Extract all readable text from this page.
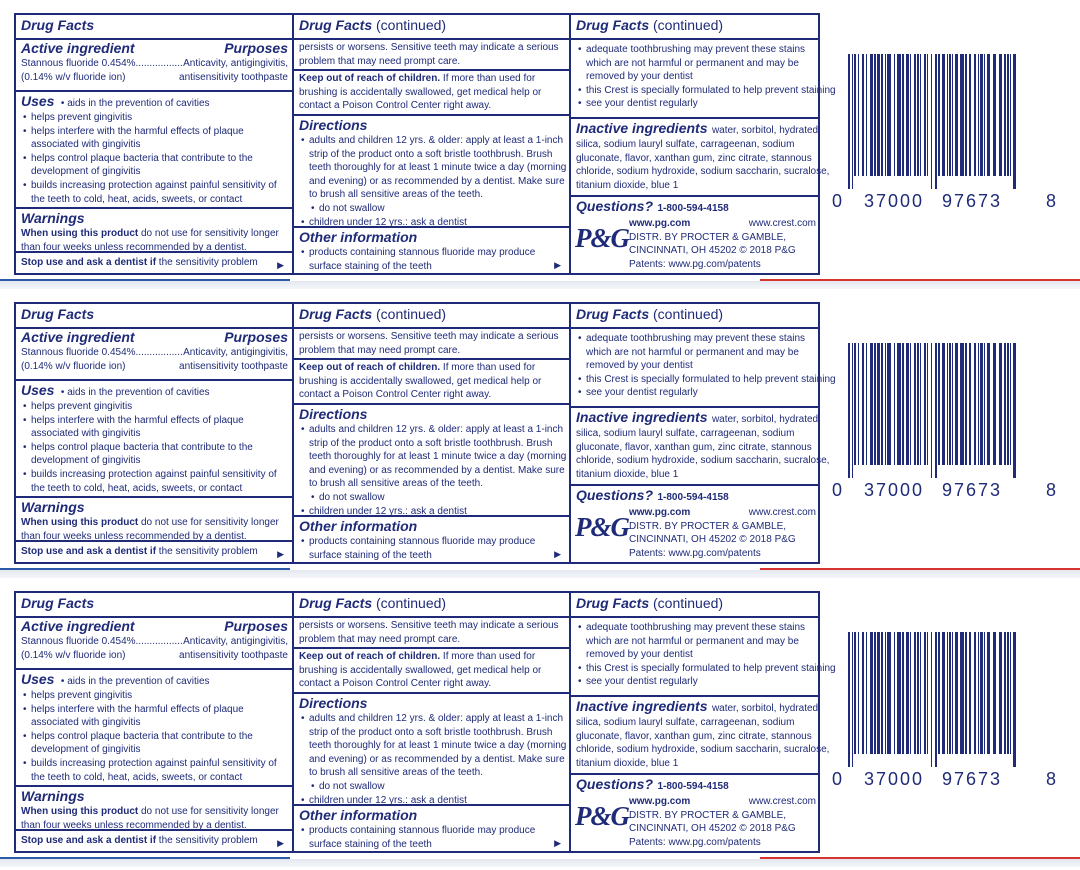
Drug Facts
Active ingredient	Purposes
Stannous fluoride 0.454%................. Anticavity, antigingivitis,
(0.14% w/v fluoride ion)	antisensitivity toothpaste
Uses • aids in the prevention of cavities
• helps prevent gingivitis
• helps interfere with the harmful effects of plaque
associated with gingivitis
• helps control plaque bacteria that contribute to the
development of gingivitis
• builds increasing protection against painful sensitivity of
the teeth to cold, heat, acids, sweets, or contact
Warnings
When using this product do not use for sensitivity longer
than four weeks unless recommended by a dentist.
Stop use and ask a dentist if the sensitivity problem	▶
Drug Facts (continued)
persists or worsens. Sensitive teeth may indicate a serious
problem that may need prompt care.
Keep out of reach of children. If more than used for
brushing is accidentally swallowed, get medical help or
contact a Poison Control Center right away.
Directions
• adults and children 12 yrs. & older: apply at least a 1-inch
strip of the product onto a soft bristle toothbrush. Brush
teeth thoroughly for at least 1 minute twice a day (morning
and evening) or as recommended by a dentist. Make sure
to brush all sensitive areas of the teeth.
• do not swallow
• children under 12 yrs.: ask a dentist
Other information
• products containing stannous fluoride may produce
surface staining of the teeth	▶
Drug Facts (continued)
• adequate toothbrushing may prevent these stains
which are not harmful or permanent and may be
removed by your dentist
• this Crest is specially formulated to help prevent staining
• see your dentist regularly
Inactive ingredients water, sorbitol, hydrated
silica, sodium lauryl sulfate, carrageenan, sodium
gluconate, flavor, xanthan gum, zinc citrate, stannous
chloride, sodium hydroxide, sodium saccharin, sucralose,
titanium dioxide, blue 1
Questions? 1-800-594-4158
P&G www.pg.com	www.crest.com
DISTR. BY PROCTER & GAMBLE,
CINCINNATI, OH 45202 © 2018 P&G
Patents: www.pg.com/patents
0 37000 97673 8
Drug Facts
Active ingredient	Purposes
Stannous fluoride 0.454%................. Anticavity, antigingivitis,
(0.14% w/v fluoride ion)	antisensitivity toothpaste
Uses • aids in the prevention of cavities
• helps prevent gingivitis
• helps interfere with the harmful effects of plaque
associated with gingivitis
• helps control plaque bacteria that contribute to the
development of gingivitis
• builds increasing protection against painful sensitivity of
the teeth to cold, heat, acids, sweets, or contact
Warnings
When using this product do not use for sensitivity longer
than four weeks unless recommended by a dentist.
Stop use and ask a dentist if the sensitivity problem	▶
Drug Facts (continued)
persists or worsens. Sensitive teeth may indicate a serious
problem that may need prompt care.
Keep out of reach of children. If more than used for
brushing is accidentally swallowed, get medical help or
contact a Poison Control Center right away.
Directions
• adults and children 12 yrs. & older: apply at least a 1-inch
strip of the product onto a soft bristle toothbrush. Brush
teeth thoroughly for at least 1 minute twice a day (morning
and evening) or as recommended by a dentist. Make sure
to brush all sensitive areas of the teeth.
• do not swallow
• children under 12 yrs.: ask a dentist
Other information
• products containing stannous fluoride may produce
surface staining of the teeth	▶
Drug Facts (continued)
• adequate toothbrushing may prevent these stains
which are not harmful or permanent and may be
removed by your dentist
• this Crest is specially formulated to help prevent staining
• see your dentist regularly
Inactive ingredients water, sorbitol, hydrated
silica, sodium lauryl sulfate, carrageenan, sodium
gluconate, flavor, xanthan gum, zinc citrate, stannous
chloride, sodium hydroxide, sodium saccharin, sucralose,
titanium dioxide, blue 1
Questions? 1-800-594-4158
P&G www.pg.com	www.crest.com
DISTR. BY PROCTER & GAMBLE,
CINCINNATI, OH 45202 © 2018 P&G
Patents: www.pg.com/patents
0 37000 97673 8
Drug Facts
Active ingredient	Purposes
Stannous fluoride 0.454%................. Anticavity, antigingivitis,
(0.14% w/v fluoride ion)	antisensitivity toothpaste
Uses • aids in the prevention of cavities
• helps prevent gingivitis
• helps interfere with the harmful effects of plaque
associated with gingivitis
• helps control plaque bacteria that contribute to the
development of gingivitis
• builds increasing protection against painful sensitivity of
the teeth to cold, heat, acids, sweets, or contact
Warnings
When using this product do not use for sensitivity longer
than four weeks unless recommended by a dentist.
Stop use and ask a dentist if the sensitivity problem	▶
Drug Facts (continued)
persists or worsens. Sensitive teeth may indicate a serious
problem that may need prompt care.
Keep out of reach of children. If more than used for
brushing is accidentally swallowed, get medical help or
contact a Poison Control Center right away.
Directions
• adults and children 12 yrs. & older: apply at least a 1-inch
strip of the product onto a soft bristle toothbrush. Brush
teeth thoroughly for at least 1 minute twice a day (morning
and evening) or as recommended by a dentist. Make sure
to brush all sensitive areas of the teeth.
• do not swallow
• children under 12 yrs.: ask a dentist
Other information
• products containing stannous fluoride may produce
surface staining of the teeth	▶
Drug Facts (continued)
• adequate toothbrushing may prevent these stains
which are not harmful or permanent and may be
removed by your dentist
• this Crest is specially formulated to help prevent staining
• see your dentist regularly
Inactive ingredients water, sorbitol, hydrated
silica, sodium lauryl sulfate, carrageenan, sodium
gluconate, flavor, xanthan gum, zinc citrate, stannous
chloride, sodium hydroxide, sodium saccharin, sucralose,
titanium dioxide, blue 1
Questions? 1-800-594-4158
P&G www.pg.com	www.crest.com
DISTR. BY PROCTER & GAMBLE,
CINCINNATI, OH 45202 © 2018 P&G
Patents: www.pg.com/patents
0 37000 97673 8
